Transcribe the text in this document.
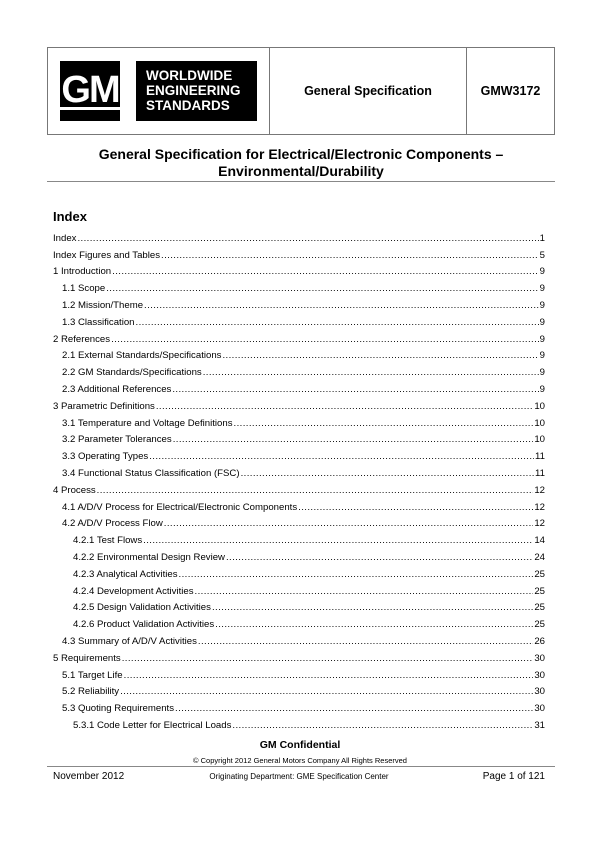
GM WORLDWIDE
ENGINEERING
STANDARDS
General Specification	GMW3172
General Specification for Electrical/Electronic Components –
Environmental/Durability
Index
Index .....	1
Index Figures and Tables .....	5
1 Introduction .....	9
1.1 Scope .....	9
1.2 Mission/Theme .....	9
1.3 Classification .....	9
2 References .....	9
2.1 External Standards/Specifications .....	9
2.2 GM Standards/Specifications .....	9
2.3 Additional References .....	9
3 Parametric Definitions .....	10
3.1 Temperature and Voltage Definitions .....	10
3.2 Parameter Tolerances .....	10
3.3 Operating Types .....	11
3.4 Functional Status Classification (FSC) .....	11
4 Process .....	12
4.1 A/D/V Process for Electrical/Electronic Components .....	12
4.2 A/D/V Process Flow .....	12
4.2.1 Test Flows .....	14
4.2.2 Environmental Design Review .....	24
4.2.3 Analytical Activities .....	25
4.2.4 Development Activities .....	25
4.2.5 Design Validation Activities .....	25
4.2.6 Product Validation Activities .....	25
4.3 Summary of A/D/V Activities .....	26
5 Requirements .....	30
5.1 Target Life .....	30
5.2 Reliability .....	30
5.3 Quoting Requirements .....	30
5.3.1 Code Letter for Electrical Loads .....	31
GM Confidential
© Copyright 2012 General Motors Company All Rights Reserved
November 2012	Originating Department: GME Specification Center	Page 1 of 121
